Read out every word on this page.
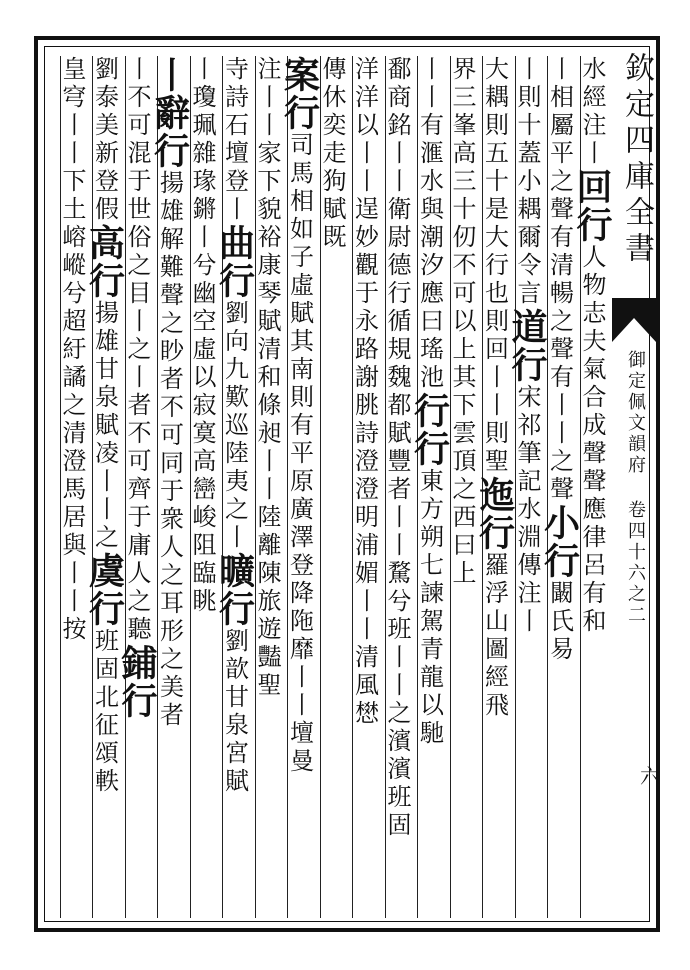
欽定四庫全書
御定佩文韻府 卷四十六之二
六
水經注丨回行人物志夫氣合成聲聲應律呂有和
丨相屬平之聲有清暢之聲有丨丨之聲小行闞氏易
丨則十蓋小耦爾令言道行宋祁筆記水淵傳注丨
大耦則五十是大行也則回丨丨則聖迤行羅浮山圖經飛
界三峯高三十仞不可以上其下雲頂之西曰上
丨丨有滙水與潮汐應曰瑤池行行東方朔七諫駕青龍以馳
鄱商銘丨丨衛尉德行循規魏都賦豐者丨丨騖兮班丨丨之濱濱班固
洋洋以丨丨逞妙觀于永路謝朓詩澄澄明浦媚丨丨清風𢡟
傳休奕走狗賦既
案行司馬相如子虛賦其南則有平原廣澤登降陁靡丨丨壇曼
注丨丨家下貌裕康琴賦清和條昶丨丨陸離陳旅遊豔聖
寺詩石壇登丨曲行劉向九歎巡陸夷之丨曠行劉歆甘泉宮賦
丨瓊珮雜瑑鏘丨兮幽空虛以寂寞高巒峻阻臨眺
丨辭行揚雄解難聲之眇者不可同于衆人之耳形之美者
丨不可混于世俗之目丨之丨者不可齊于庸人之聽鋪行
劉泰美新登假高行揚雄甘泉賦凌丨丨之虞行班固北征頌軼
皇穹丨丨下土嵱嵷兮超紆譎之清澄馬居與丨丨按
